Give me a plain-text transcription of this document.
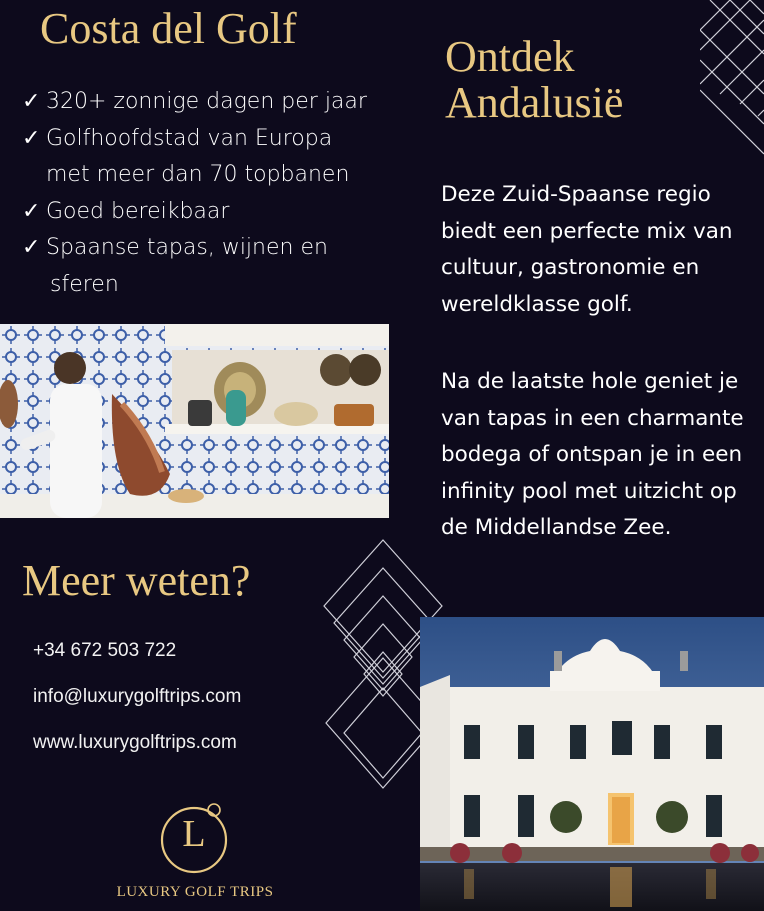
Costa del Golf
✓ 320+ zonnige dagen per jaar
✓ Golfhoofdstad van Europa
met meer dan 70 topbanen
✓ Goed bereikbaar
✓ Spaanse tapas, wijnen en
sferen
Ontdek
Andalusië

Deze Zuid-Spaanse regio
biedt een perfecte mix van
cultuur, gastronomie en
wereldklasse golf.

Na de laatste hole geniet je
van tapas in een charmante
bodega of ontspan je in een
infinity pool met uitzicht op
de Middellandse Zee.

Meer weten?

+34 672 503 722

info@luxurygolftrips.com

www.luxurygolftrips.com

L
LUXURY GOLF TRIPS
